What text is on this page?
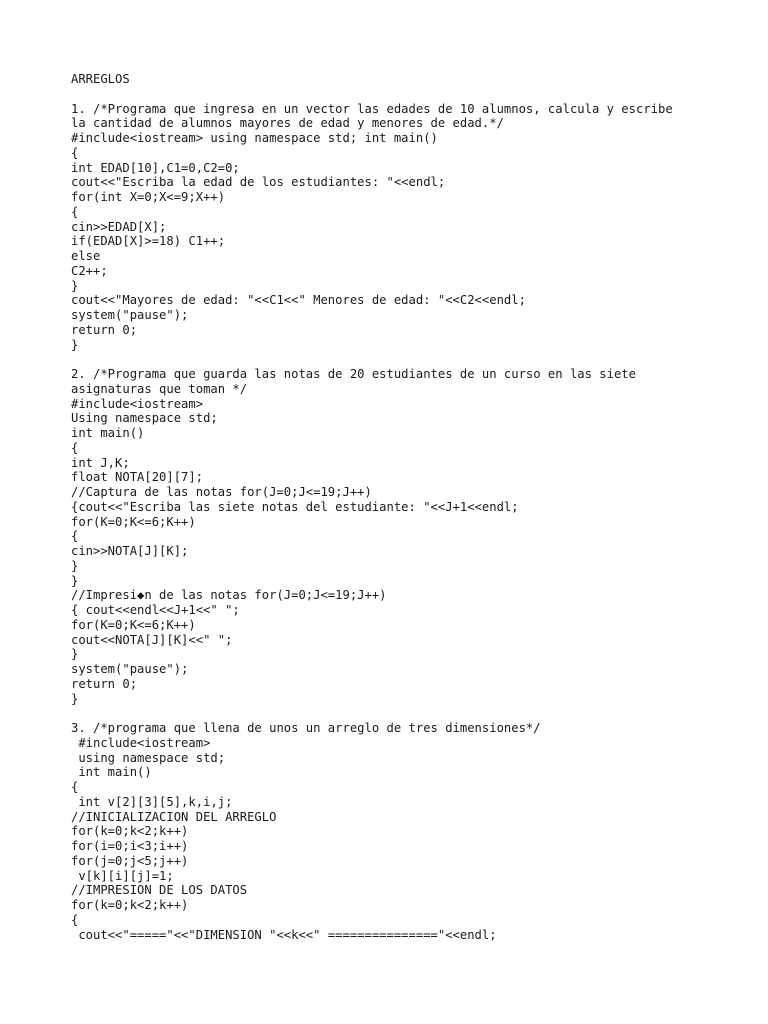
ARREGLOS
1. /*Programa que ingresa en un vector las edades de 10 alumnos, calcula y escribe
la cantidad de alumnos mayores de edad y menores de edad.*/
#include<iostream> using namespace std; int main()
{
int EDAD[10],C1=0,C2=0;
cout<<"Escriba la edad de los estudiantes: "<<endl;
for(int X=0;X<=9;X++)
{
cin>>EDAD[X];
if(EDAD[X]>=18) C1++;
else
C2++;
}
cout<<"Mayores de edad: "<<C1<<" Menores de edad: "<<C2<<endl;
system("pause");
return 0;
}
2. /*Programa que guarda las notas de 20 estudiantes de un curso en las siete
asignaturas que toman */
#include<iostream>
Using namespace std;
int main()
{
int J,K;
float NOTA[20][7];
//Captura de las notas for(J=0;J<=19;J++)
{cout<<"Escriba las siete notas del estudiante: "<<J+1<<endl;
for(K=0;K<=6;K++)
{
cin>>NOTA[J][K];
}
}
//Impresi◆n de las notas for(J=0;J<=19;J++)
{ cout<<endl<<J+1<<" ";
for(K=0;K<=6;K++)
cout<<NOTA[J][K]<<" ";
}
system("pause");
return 0;
}
3. /*programa que llena de unos un arreglo de tres dimensiones*/
#include<iostream>
using namespace std;
int main()
{
int v[2][3][5],k,i,j;
//INICIALIZACION DEL ARREGLO
for(k=0;k<2;k++)
for(i=0;i<3;i++)
for(j=0;j<5;j++)
v[k][i][j]=1;
//IMPRESION DE LOS DATOS
for(k=0;k<2;k++)
{
cout<<"====="<<"DIMENSION "<<k<<" ==============="<<endl;
